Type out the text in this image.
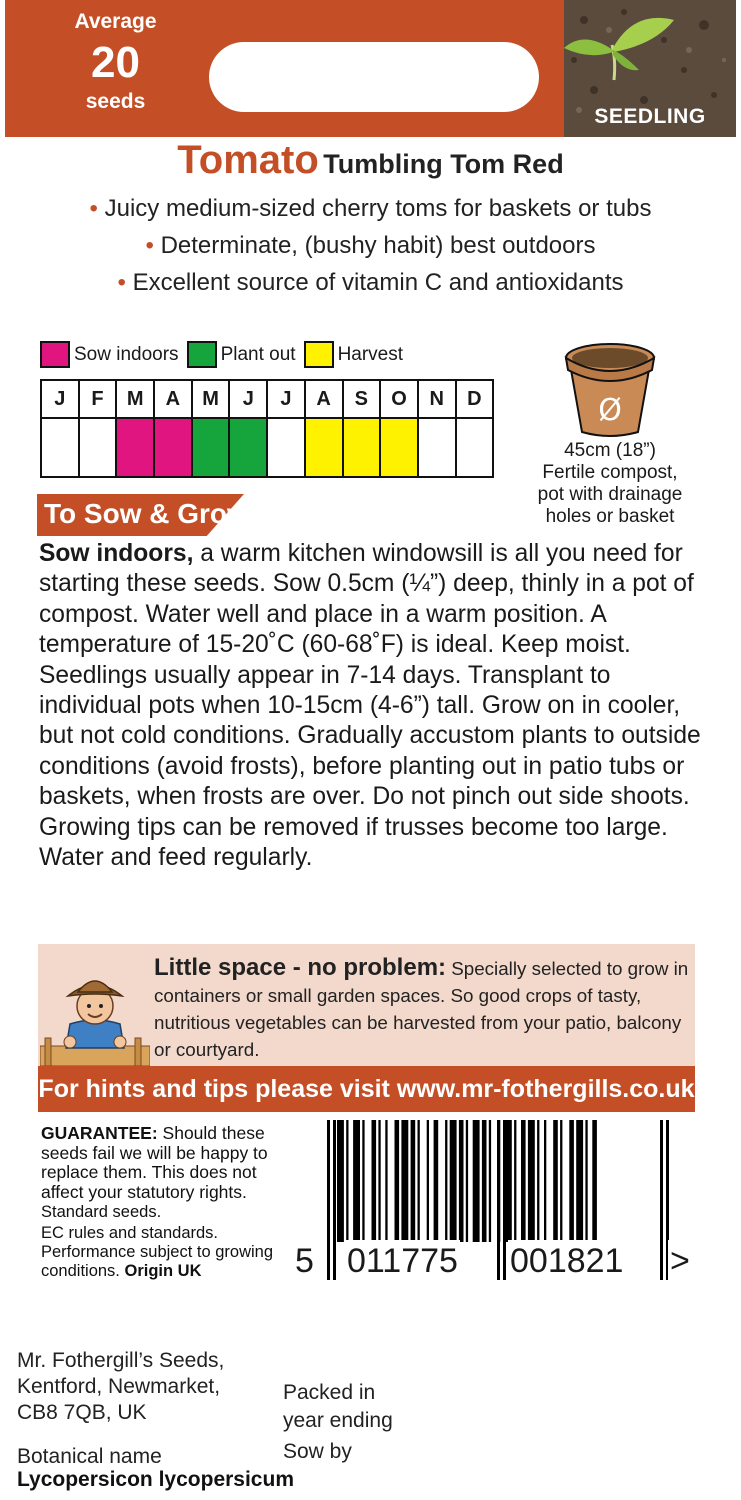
Average
20
seeds
SEEDLING
Tomato Tumbling Tom Red
• Juicy medium-sized cherry toms for baskets or tubs
• Determinate, (bushy habit) best outdoors
• Excellent source of vitamin C and antioxidants
Sow indoors Plant out Harvest
J	F	M	A	M	J	J	A	S	O	N	D
												Ø
45cm (18”)
Fertile compost,
pot with drainage
holes or basket
To Sow & Grow
Sow indoors, a warm kitchen windowsill is all you need for starting these seeds. Sow 0.5cm (¼”) deep, thinly in a pot of compost. Water well and place in a warm position. A temperature of 15-20˚C (60-68˚F) is ideal. Keep moist. Seedlings usually appear in 7-14 days. Transplant to individual pots when 10-15cm (4-6”) tall. Grow on in cooler, but not cold conditions. Gradually accustom plants to outside conditions (avoid frosts), before planting out in patio tubs or baskets, when frosts are over. Do not pinch out side shoots. Growing tips can be removed if trusses become too large. Water and feed regularly.
Little space - no problem: Specially selected to grow in containers or small garden spaces. So good crops of tasty, nutritious vegetables can be harvested from your patio, balcony or courtyard.
For hints and tips please visit www.mr-fothergills.co.uk
GUARANTEE: Should these seeds fail we will be happy to replace them. This does not affect your statutory rights.
Standard seeds.
EC rules and standards.
Performance subject to growing conditions. Origin UK	5 011775 001821 >
Mr. Fothergill’s Seeds,
Kentford, Newmarket,
CB8 7QB, UK
Packed in
year ending
Sow by
Botanical name
Lycopersicon lycopersicum
